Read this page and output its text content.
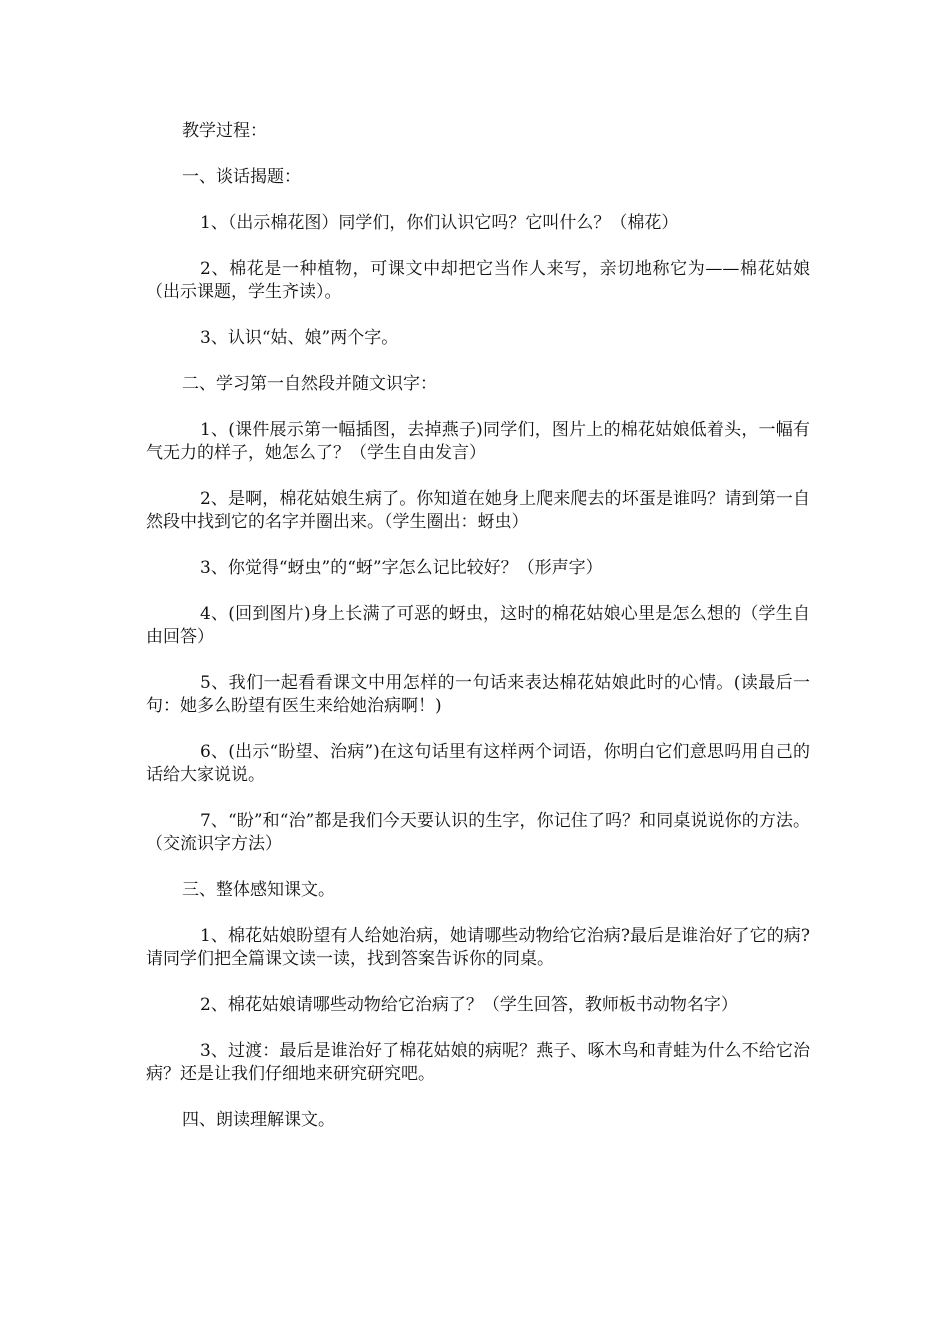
教学过程：

一、谈话揭题：

1、（出示棉花图）同学们，你们认识它吗？它叫什么？（棉花）

2、棉花是一种植物，可课文中却把它当作人来写，亲切地称它为——棉花姑娘（出示课题，学生齐读）。

3、认识“姑、娘”两个字。

二、学习第一自然段并随文识字：

1、(课件展示第一幅插图，去掉燕子)同学们，图片上的棉花姑娘低着头，一幅有气无力的样子，她怎么了？（学生自由发言）

2、是啊，棉花姑娘生病了。你知道在她身上爬来爬去的坏蛋是谁吗？请到第一自然段中找到它的名字并圈出来。（学生圈出：蚜虫）

3、你觉得“蚜虫”的“蚜”字怎么记比较好？（形声字）

4、(回到图片)身上长满了可恶的蚜虫，这时的棉花姑娘心里是怎么想的（学生自由回答）

5、我们一起看看课文中用怎样的一句话来表达棉花姑娘此时的心情。(读最后一句：她多么盼望有医生来给她治病啊！)

6、(出示“盼望、治病”)在这句话里有这样两个词语，你明白它们意思吗用自己的话给大家说说。

7、“盼”和“治”都是我们今天要认识的生字，你记住了吗？和同桌说说你的方法。（交流识字方法）

三、整体感知课文。

1、棉花姑娘盼望有人给她治病，她请哪些动物给它治病?最后是谁治好了它的病?请同学们把全篇课文读一读，找到答案告诉你的同桌。

2、棉花姑娘请哪些动物给它治病了？（学生回答，教师板书动物名字）

3、过渡：最后是谁治好了棉花姑娘的病呢？燕子、啄木鸟和青蛙为什么不给它治病？还是让我们仔细地来研究研究吧。

四、朗读理解课文。
